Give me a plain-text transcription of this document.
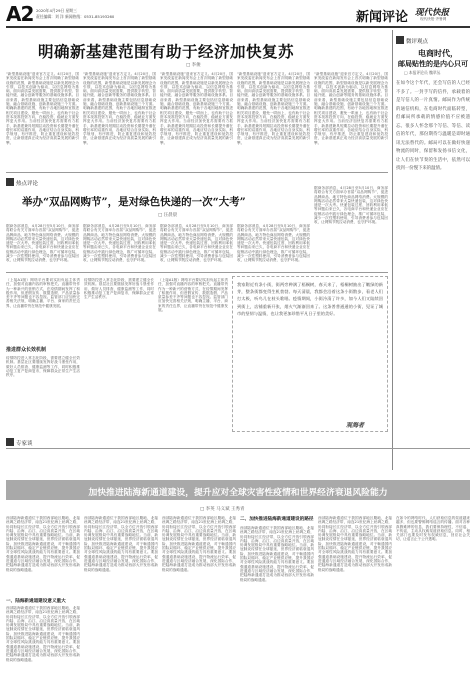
A2 2020年4月29日 星期三
责任编辑：刘 洋 新闻热线：0531-85193260	新闻评论 现代快报
现代快报·齐鲁网
明确新基建范围有助于经济加快复苏
□ 李俊
“新型基础设施”迎来官方定义。4月20日，国家发改委在新闻发布会上首次明确了新型基础设施的范围，新型基础设施是以新发展理念为引领，以技术创新为驱动，以信息网络为基础，面向高质量发展需要，提供数字转型、智能升级、融合创新等服务的基础设施体系。目前来看，新型基础设施主要包括信息基础设施、融合基础设施、创新基础设施三个方面。明确新基建的范围，有助于各地因地制宜推进相关项目建设，避免一哄而上，也有助于社会资本找准投资方向，在稳投资、稳就业方面发挥更大作用。当前经济加快复苏需要有力抓手，新基建兼具短期拉动投资和长期提升潜在增长率的双重作用，各地应结合自身实际，科学规划，有序推进，防止重复建设和低效投资，让新基建真正成为经济高质量发展的新引擎。
“新型基础设施”迎来官方定义。4月20日，国家发改委在新闻发布会上首次明确了新型基础设施的范围，新型基础设施是以新发展理念为引领，以技术创新为驱动，以信息网络为基础，面向高质量发展需要，提供数字转型、智能升级、融合创新等服务的基础设施体系。目前来看，新型基础设施主要包括信息基础设施、融合基础设施、创新基础设施三个方面。明确新基建的范围，有助于各地因地制宜推进相关项目建设，避免一哄而上，也有助于社会资本找准投资方向，在稳投资、稳就业方面发挥更大作用。当前经济加快复苏需要有力抓手，新基建兼具短期拉动投资和长期提升潜在增长率的双重作用，各地应结合自身实际，科学规划，有序推进，防止重复建设和低效投资，让新基建真正成为经济高质量发展的新引擎。
“新型基础设施”迎来官方定义。4月20日，国家发改委在新闻发布会上首次明确了新型基础设施的范围，新型基础设施是以新发展理念为引领，以技术创新为驱动，以信息网络为基础，面向高质量发展需要，提供数字转型、智能升级、融合创新等服务的基础设施体系。目前来看，新型基础设施主要包括信息基础设施、融合基础设施、创新基础设施三个方面。明确新基建的范围，有助于各地因地制宜推进相关项目建设，避免一哄而上，也有助于社会资本找准投资方向，在稳投资、稳就业方面发挥更大作用。当前经济加快复苏需要有力抓手，新基建兼具短期拉动投资和长期提升潜在增长率的双重作用，各地应结合自身实际，科学规划，有序推进，防止重复建设和低效投资，让新基建真正成为经济高质量发展的新引擎。
“新型基础设施”迎来官方定义。4月20日，国家发改委在新闻发布会上首次明确了新型基础设施的范围，新型基础设施是以新发展理念为引领，以技术创新为驱动，以信息网络为基础，面向高质量发展需要，提供数字转型、智能升级、融合创新等服务的基础设施体系。目前来看，新型基础设施主要包括信息基础设施、融合基础设施、创新基础设施三个方面。明确新基建的范围，有助于各地因地制宜推进相关项目建设，避免一哄而上，也有助于社会资本找准投资方向，在稳投资、稳就业方面发挥更大作用。当前经济加快复苏需要有力抓手，新基建兼具短期拉动投资和长期提升潜在增长率的双重作用，各地应结合自身实际，科学规划，有序推进，防止重复建设和低效投资，让新基建真正成为经济高质量发展的新引擎。
“新型基础设施”迎来官方定义。4月20日，国家发改委在新闻发布会上首次明确了新型基础设施的范围，新型基础设施是以新发展理念为引领，以技术创新为驱动，以信息网络为基础，面向高质量发展需要，提供数字转型、智能升级、融合创新等服务的基础设施体系。目前来看，新型基础设施主要包括信息基础设施、融合基础设施、创新基础设施三个方面。明确新基建的范围，有助于各地因地制宜推进相关项目建设，避免一哄而上，也有助于社会资本找准投资方向，在稳投资、稳就业方面发挥更大作用。当前经济加快复苏需要有力抓手，新基建兼具短期拉动投资和长期提升潜在增长率的双重作用，各地应结合自身实际，科学规划，有序推进，防止重复建设和低效投资，让新基建真正成为经济高质量发展的新引擎。
微评观点
电商时代，
邮局贴性的是内心只可
□ 本报评论员 魏翠丛
在如今这个年代，还会写信的人已经不多了。一封手写的信件，承载着的是写信人的一片真情。邮局作为传统的通信机构，在电商时代面临转型，但邮局所承载的情感价值不应被遗忘。很多人怀念那个写信、等信、读信的年代，那份期待与温暖是即时通讯无法替代的。邮局可以在做好快递物流的同时，保留和发扬书信文化，让人们在快节奏的生活中，依然可以找到一份慢下来的温情。
热点评论
举办“双品网购节”，是对绿色快递的一次“大考”
□ 汪晨晨
据商务部消息，4月28日至5月10日，商务部将联合有关方面举办首届“双品网购节”，促进品牌商品、地方特色商品网络消费。大规模的网购活动必然带来大量快递包装，这对绿色快递是一次大考。快递包装过度、回收利用率低等问题由来已久，各电商平台和快递企业应在促销活动中践行绿色理念，推广可循环包装，减少一次性塑料使用，引导消费者参与包装回收，让网购节既拉动消费，也守护环境。
据商务部消息，4月28日至5月10日，商务部将联合有关方面举办首届“双品网购节”，促进品牌商品、地方特色商品网络消费。大规模的网购活动必然带来大量快递包装，这对绿色快递是一次大考。快递包装过度、回收利用率低等问题由来已久，各电商平台和快递企业应在促销活动中践行绿色理念，推广可循环包装，减少一次性塑料使用，引导消费者参与包装回收，让网购节既拉动消费，也守护环境。
据商务部消息，4月28日至5月10日，商务部将联合有关方面举办首届“双品网购节”，促进品牌商品、地方特色商品网络消费。大规模的网购活动必然带来大量快递包装，这对绿色快递是一次大考。快递包装过度、回收利用率低等问题由来已久，各电商平台和快递企业应在促销活动中践行绿色理念，推广可循环包装，减少一次性塑料使用，引导消费者参与包装回收，让网购节既拉动消费，也守护环境。
据商务部消息，4月28日至5月10日，商务部将联合有关方面举办首届“双品网购节”，促进品牌商品、地方特色商品网络消费。大规模的网购活动必然带来大量快递包装，这对绿色快递是一次大考。快递包装过度、回收利用率低等问题由来已久，各电商平台和快递企业应在促销活动中践行绿色理念，推广可循环包装，减少一次性塑料使用，引导消费者参与包装回收，让网购节既拉动消费，也守护环境。
据商务部消息，4月28日至5月10日，商务部将联合有关方面举办首届“双品网购节”，促进品牌商品、地方特色商品网络消费。大规模的网购活动必然带来大量快递包装，这对绿色快递是一次大考。快递包装过度、回收利用率低等问题由来已久，各电商平台和快递企业应在促销活动中践行绿色理念，推广可循环包装，减少一次性塑料使用，引导消费者参与包装回收，让网购节既拉动消费，也守护环境。
（上接A1版）网络平台要切实担负起主体责任，加强对直播内容的审核把关。直播带货作为一种新兴的营销方式，在疫情期间发挥了积极作用，但虚假宣传、数据造假、产品质量参差不齐等问题也不容忽视。监管部门应加快完善相关法规，明确主播、平台、商家的责任边界，让直播带货在规范中健康发展。
推进群众长效机制
疫情防控进入常态化阶段，需要建立健全长效机制。基层社区要继续发挥好战斗堡垒作用，做好人员排查、健康监测等工作，同时积极推动复工复产复商复市，保障群众正常生产生活秩序。
疫情防控进入常态化阶段，需要建立健全长效机制。基层社区要继续发挥好战斗堡垒作用，做好人员排查、健康监测等工作，同时积极推动复工复产复商复市，保障群众正常生产生活秩序。
（上接A1版）网络平台要切实担负起主体责任，加强对直播内容的审核把关。直播带货作为一种新兴的营销方式，在疫情期间发挥了积极作用，但虚假宣传、数据造假、产品质量参差不齐等问题也不容忽视。监管部门应加快完善相关法规，明确主播、平台、商家的责任边界，让直播带货在规范中健康发展。
我家附近有条小街，街两旁种满了梧桐树，春天来了，梧桐树抽出了嫩绿的新芽，整条街都变得生机勃勃。每天清晨，我都会沿着这条小街散步，看老人们打太极，听鸟儿在枝头歌唱。疫情期间，小街冷清了许多，如今人们又陆续回到街上，店铺重新开张，烟火气渐渐回来了。这条普普通通的小街，见证了城市的坚韧与温情，也让我更加珍惜平凡日子里的美好。
观海者
专家谈
加快推进陆海新通道建设，提升应对全球灾害性疫情和世界经济衰退风险能力
□ 李英 马义斌 王秀青
西部陆海新通道位于我国西部地区腹地，北接丝绸之路经济带，南连21世纪海上丝绸之路，协同衔接长江经济带，以全方位开放引领西部内陆、沿海、沿江、沿边高质量开放，在区域协调发展格局中具有重要战略地位。当前，新冠肺炎疫情在全球蔓延，世界经济面临衰退风险，加快推进陆海新通道建设，对于畅通国内国际双循环、稳定产业链供应链、提升我国应对全球性风险挑战的能力具有重要意义。要加强通道基础设施建设，提升物流运行效率，促进通道与区域经济融合发展，深化国际合作，把陆海新通道打造成为推动西部大开发形成新格局的战略通道。
一、陆海新通道建设意义重大
西部陆海新通道位于我国西部地区腹地，北接丝绸之路经济带，南连21世纪海上丝绸之路，协同衔接长江经济带，以全方位开放引领西部内陆、沿海、沿江、沿边高质量开放，在区域协调发展格局中具有重要战略地位。当前，新冠肺炎疫情在全球蔓延，世界经济面临衰退风险，加快推进陆海新通道建设，对于畅通国内国际双循环、稳定产业链供应链、提升我国应对全球性风险挑战的能力具有重要意义。要加强通道基础设施建设，提升物流运行效率，促进通道与区域经济融合发展，深化国际合作，把陆海新通道打造成为推动西部大开发形成新格局的战略通道。
西部陆海新通道位于我国西部地区腹地，北接丝绸之路经济带，南连21世纪海上丝绸之路，协同衔接长江经济带，以全方位开放引领西部内陆、沿海、沿江、沿边高质量开放，在区域协调发展格局中具有重要战略地位。当前，新冠肺炎疫情在全球蔓延，世界经济面临衰退风险，加快推进陆海新通道建设，对于畅通国内国际双循环、稳定产业链供应链、提升我国应对全球性风险挑战的能力具有重要意义。要加强通道基础设施建设，提升物流运行效率，促进通道与区域经济融合发展，深化国际合作，把陆海新通道打造成为推动西部大开发形成新格局的战略通道。
西部陆海新通道位于我国西部地区腹地，北接丝绸之路经济带，南连21世纪海上丝绸之路，协同衔接长江经济带，以全方位开放引领西部内陆、沿海、沿江、沿边高质量开放，在区域协调发展格局中具有重要战略地位。当前，新冠肺炎疫情在全球蔓延，世界经济面临衰退风险，加快推进陆海新通道建设，对于畅通国内国际双循环、稳定产业链供应链、提升我国应对全球性风险挑战的能力具有重要意义。要加强通道基础设施建设，提升物流运行效率，促进通道与区域经济融合发展，深化国际合作，把陆海新通道打造成为推动西部大开发形成新格局的战略通道。
二、加快推进陆海新通道建设的路径
西部陆海新通道位于我国西部地区腹地，北接丝绸之路经济带，南连21世纪海上丝绸之路，协同衔接长江经济带，以全方位开放引领西部内陆、沿海、沿江、沿边高质量开放，在区域协调发展格局中具有重要战略地位。当前，新冠肺炎疫情在全球蔓延，世界经济面临衰退风险，加快推进陆海新通道建设，对于畅通国内国际双循环、稳定产业链供应链、提升我国应对全球性风险挑战的能力具有重要意义。要加强通道基础设施建设，提升物流运行效率，促进通道与区域经济融合发展，深化国际合作，把陆海新通道打造成为推动西部大开发形成新格局的战略通道。
西部陆海新通道位于我国西部地区腹地，北接丝绸之路经济带，南连21世纪海上丝绸之路，协同衔接长江经济带，以全方位开放引领西部内陆、沿海、沿江、沿边高质量开放，在区域协调发展格局中具有重要战略地位。当前，新冠肺炎疫情在全球蔓延，世界经济面临衰退风险，加快推进陆海新通道建设，对于畅通国内国际双循环、稳定产业链供应链、提升我国应对全球性风险挑战的能力具有重要意义。要加强通道基础设施建设，提升物流运行效率，促进通道与区域经济融合发展，深化国际合作，把陆海新通道打造成为推动西部大开发形成新格局的战略通道。
在如今的网络时代，人们获取信息的渠道越来越多，但也要警惕网络谣言的传播。面对各种真假难辨的信息，我们要保持理性，不信谣、不传谣，主动从权威渠道获取信息。同时，相关部门也要及时发布权威信息，回应社会关切，让谣言止于公开透明。
